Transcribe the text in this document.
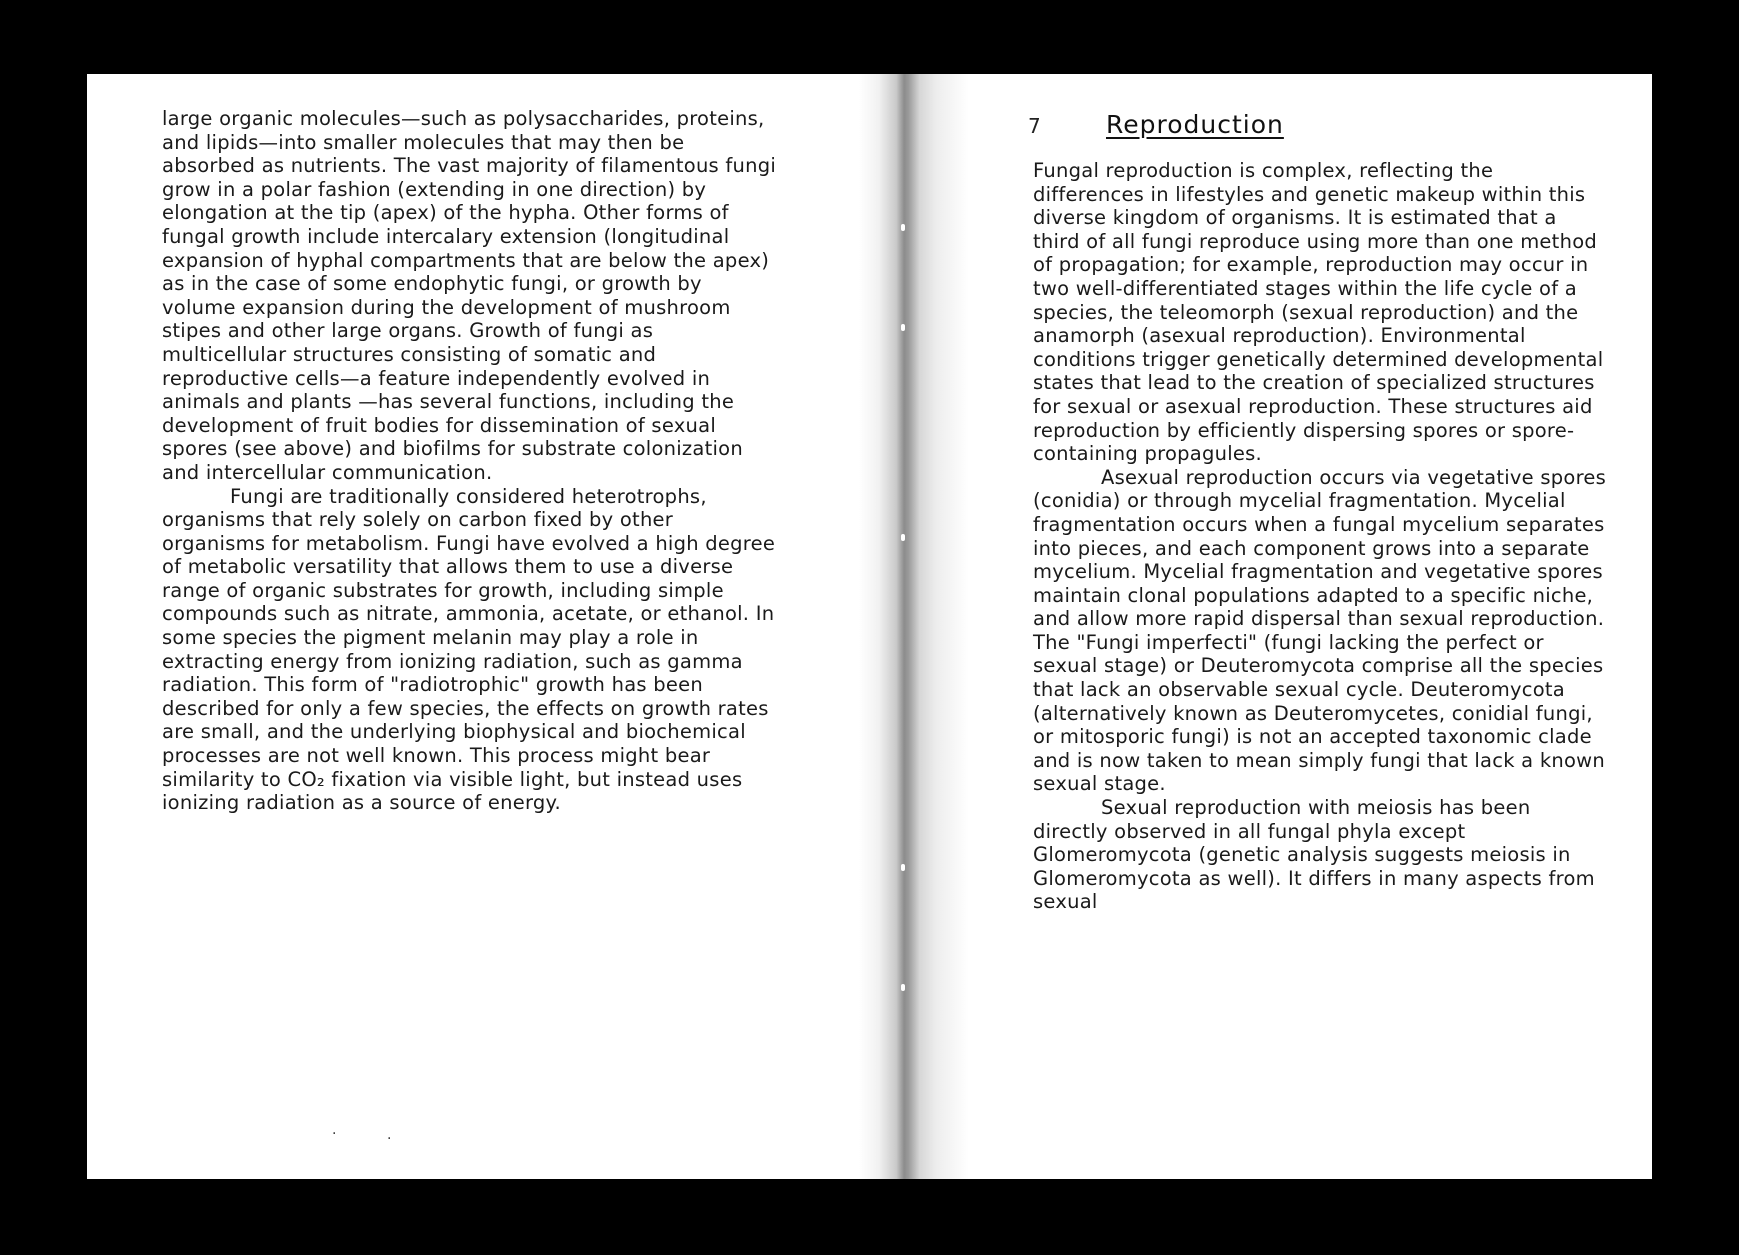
large organic molecules—such as polysaccharides, proteins, and lipids—into smaller molecules that may then be absorbed as nutrients. The vast majority of filamentous fungi grow in a polar fashion (extending in one direction) by elongation at the tip (apex) of the hypha. Other forms of fungal growth include intercalary extension (longitudinal expansion of hyphal compartments that are below the apex) as in the case of some endophytic fungi, or growth by volume expansion during the development of mushroom stipes and other large organs. Growth of fungi as multicellular structures consisting of somatic and reproductive cells—a feature independently evolved in animals and plants —has several functions, including the development of fruit bodies for dissemination of sexual spores (see above) and biofilms for substrate colonization and intercellular communication.

Fungi are traditionally considered heterotrophs, organisms that rely solely on carbon fixed by other organisms for metabolism. Fungi have evolved a high degree of metabolic versatility that allows them to use a diverse range of organic substrates for growth, including simple compounds such as nitrate, ammonia, acetate, or ethanol. In some species the pigment melanin may play a role in extracting energy from ionizing radiation, such as gamma radiation. This form of "radiotrophic" growth has been described for only a few species, the effects on growth rates are small, and the underlying biophysical and biochemical processes are not well known. This process might bear similarity to CO₂ fixation via visible light, but instead uses ionizing radiation as a source of energy.

·	·
7	Reproduction

Fungal reproduction is complex, reflecting the differences in lifestyles and genetic makeup within this diverse kingdom of organisms. It is estimated that a third of all fungi reproduce using more than one method of propagation; for example, reproduction may occur in two well-differentiated stages within the life cycle of a species, the teleomorph (sexual reproduction) and the anamorph (asexual reproduction). Environmental conditions trigger genetically determined developmental states that lead to the creation of specialized structures for sexual or asexual reproduction. These structures aid reproduction by efficiently dispersing spores or spore-containing propagules.

Asexual reproduction occurs via vegetative spores (conidia) or through mycelial fragmentation. Mycelial fragmentation occurs when a fungal mycelium separates into pieces, and each component grows into a separate mycelium. Mycelial fragmentation and vegetative spores maintain clonal populations adapted to a specific niche, and allow more rapid dispersal than sexual reproduction. The "Fungi imperfecti" (fungi lacking the perfect or sexual stage) or Deuteromycota comprise all the species that lack an observable sexual cycle. Deuteromycota (alternatively known as Deuteromycetes, conidial fungi, or mitosporic fungi) is not an accepted taxonomic clade and is now taken to mean simply fungi that lack a known sexual stage.

Sexual reproduction with meiosis has been directly observed in all fungal phyla except Glomeromycota (genetic analysis suggests meiosis in Glomeromycota as well). It differs in many aspects from sexual
